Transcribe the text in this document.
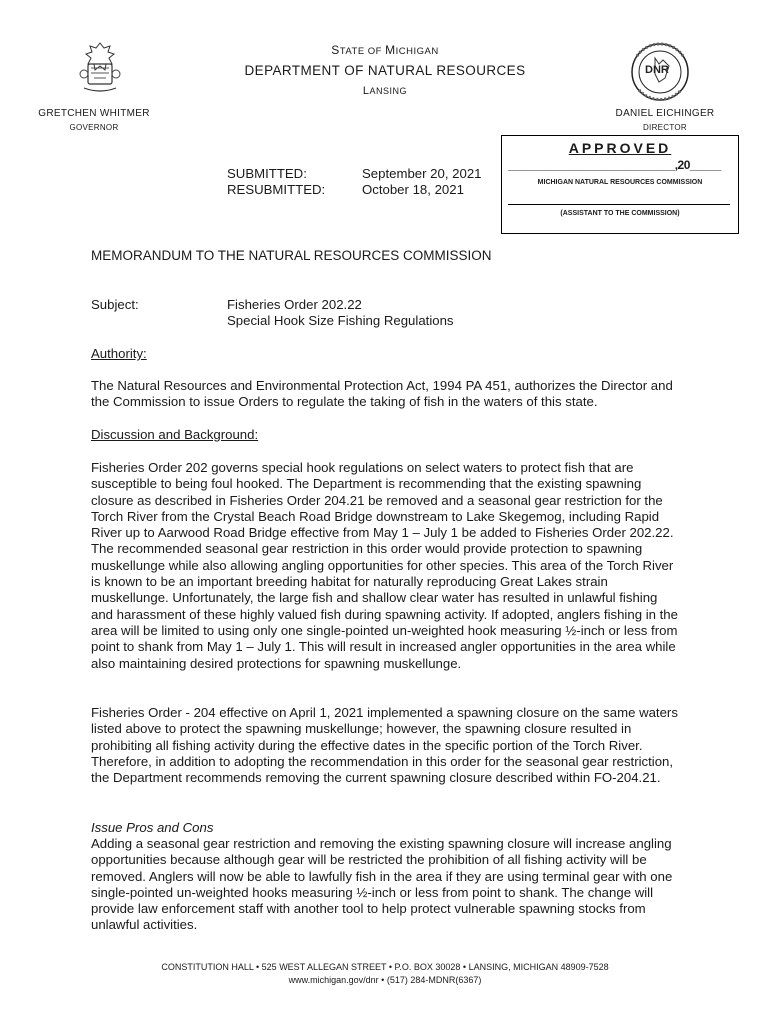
DNR
STATE OF MICHIGAN
DEPARTMENT OF NATURAL RESOURCES
LANSING
GRETCHEN WHITMER
GOVERNOR
DANIEL EICHINGER
DIRECTOR
SUBMITTED:	September 20, 2021
RESUBMITTED:	October 18, 2021
APPROVED
___________________________,20_____
MICHIGAN NATURAL RESOURCES COMMISSION
(ASSISTANT TO THE COMMISSION)
MEMORANDUM TO THE NATURAL RESOURCES COMMISSION
Subject:	Fisheries Order 202.22
Special Hook Size Fishing Regulations
Authority:

The Natural Resources and Environmental Protection Act, 1994 PA 451, authorizes the Director and the Commission to issue Orders to regulate the taking of fish in the waters of this state.

Discussion and Background:

Fisheries Order 202 governs special hook regulations on select waters to protect fish that are susceptible to being foul hooked. The Department is recommending that the existing spawning closure as described in Fisheries Order 204.21 be removed and a seasonal gear restriction for the Torch River from the Crystal Beach Road Bridge downstream to Lake Skegemog, including Rapid River up to Aarwood Road Bridge effective from May 1 – July 1 be added to Fisheries Order 202.22. The recommended seasonal gear restriction in this order would provide protection to spawning muskellunge while also allowing angling opportunities for other species. This area of the Torch River is known to be an important breeding habitat for naturally reproducing Great Lakes strain muskellunge. Unfortunately, the large fish and shallow clear water has resulted in unlawful fishing and harassment of these highly valued fish during spawning activity. If adopted, anglers fishing in the area will be limited to using only one single-pointed un-weighted hook measuring ½-inch or less from point to shank from May 1 – July 1. This will result in increased angler opportunities in the area while also maintaining desired protections for spawning muskellunge.

Fisheries Order - 204 effective on April 1, 2021 implemented a spawning closure on the same waters listed above to protect the spawning muskellunge; however, the spawning closure resulted in prohibiting all fishing activity during the effective dates in the specific portion of the Torch River. Therefore, in addition to adopting the recommendation in this order for the seasonal gear restriction, the Department recommends removing the current spawning closure described within FO-204.21.

Issue Pros and Cons

Adding a seasonal gear restriction and removing the existing spawning closure will increase angling opportunities because although gear will be restricted the prohibition of all fishing activity will be removed. Anglers will now be able to lawfully fish in the area if they are using terminal gear with one single-pointed un-weighted hooks measuring ½-inch or less from point to shank. The change will provide law enforcement staff with another tool to help protect vulnerable spawning stocks from unlawful activities.

CONSTITUTION HALL • 525 WEST ALLEGAN STREET • P.O. BOX 30028 • LANSING, MICHIGAN 48909-7528
www.michigan.gov/dnr • (517) 284-MDNR(6367)
